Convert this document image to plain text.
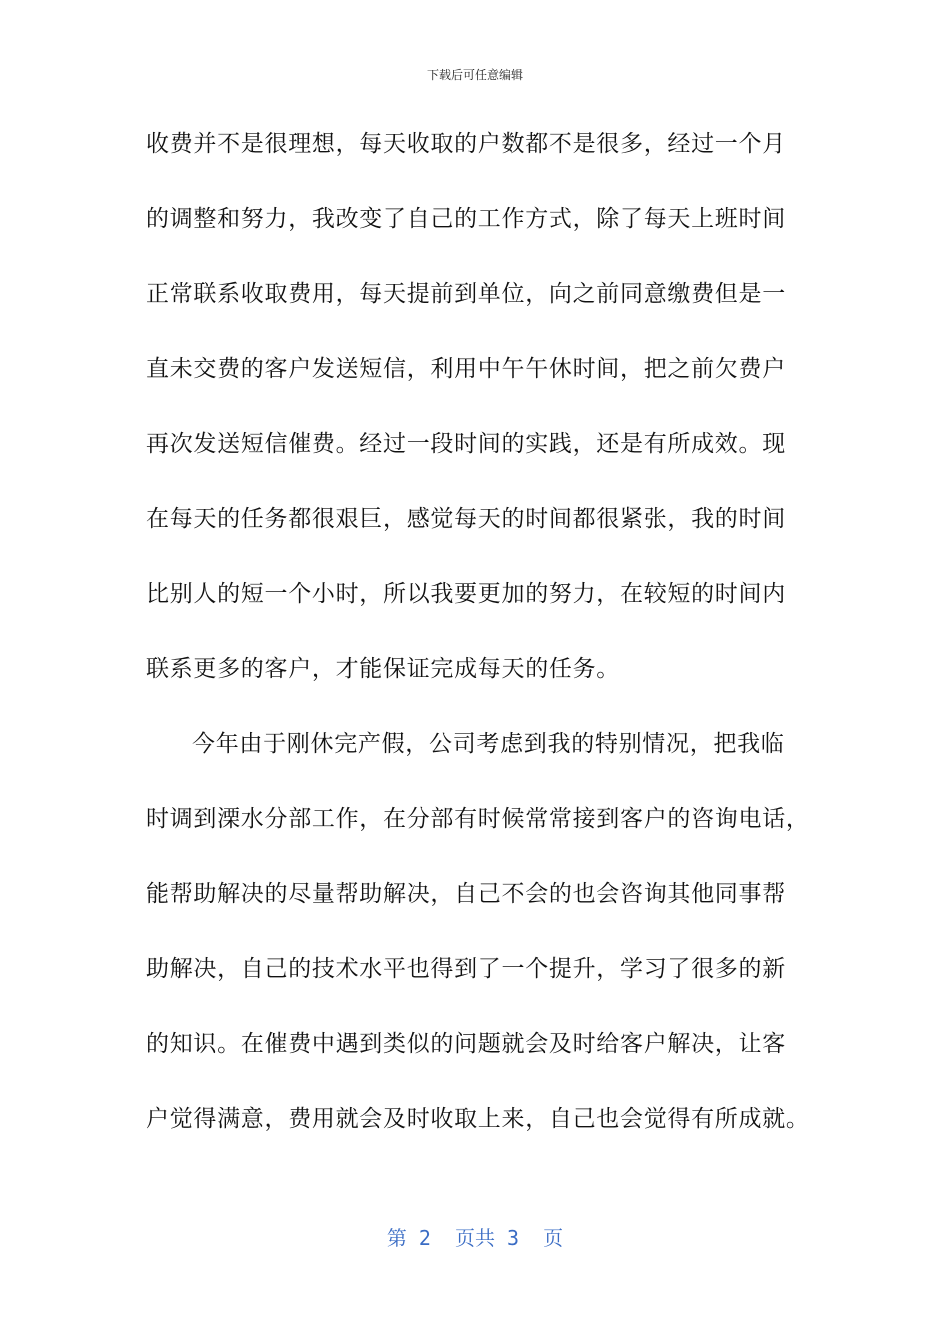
下载后可任意编辑
收费并不是很理想，每天收取的户数都不是很多，经过一个月
的调整和努力，我改变了自己的工作方式，除了每天上班时间
正常联系收取费用，每天提前到单位，向之前同意缴费但是一
直未交费的客户发送短信，利用中午午休时间，把之前欠费户
再次发送短信催费。经过一段时间的实践，还是有所成效。现
在每天的任务都很艰巨，感觉每天的时间都很紧张，我的时间
比别人的短一个小时，所以我要更加的努力，在较短的时间内
联系更多的客户，才能保证完成每天的任务。
今年由于刚休完产假，公司考虑到我的特别情况，把我临
时调到溧水分部工作，在分部有时候常常接到客户的咨询电话，
能帮助解决的尽量帮助解决，自己不会的也会咨询其他同事帮
助解决，自己的技术水平也得到了一个提升，学习了很多的新
的知识。在催费中遇到类似的问题就会及时给客户解决，让客
户觉得满意，费用就会及时收取上来，自己也会觉得有所成就。
第 2  页共 3  页
